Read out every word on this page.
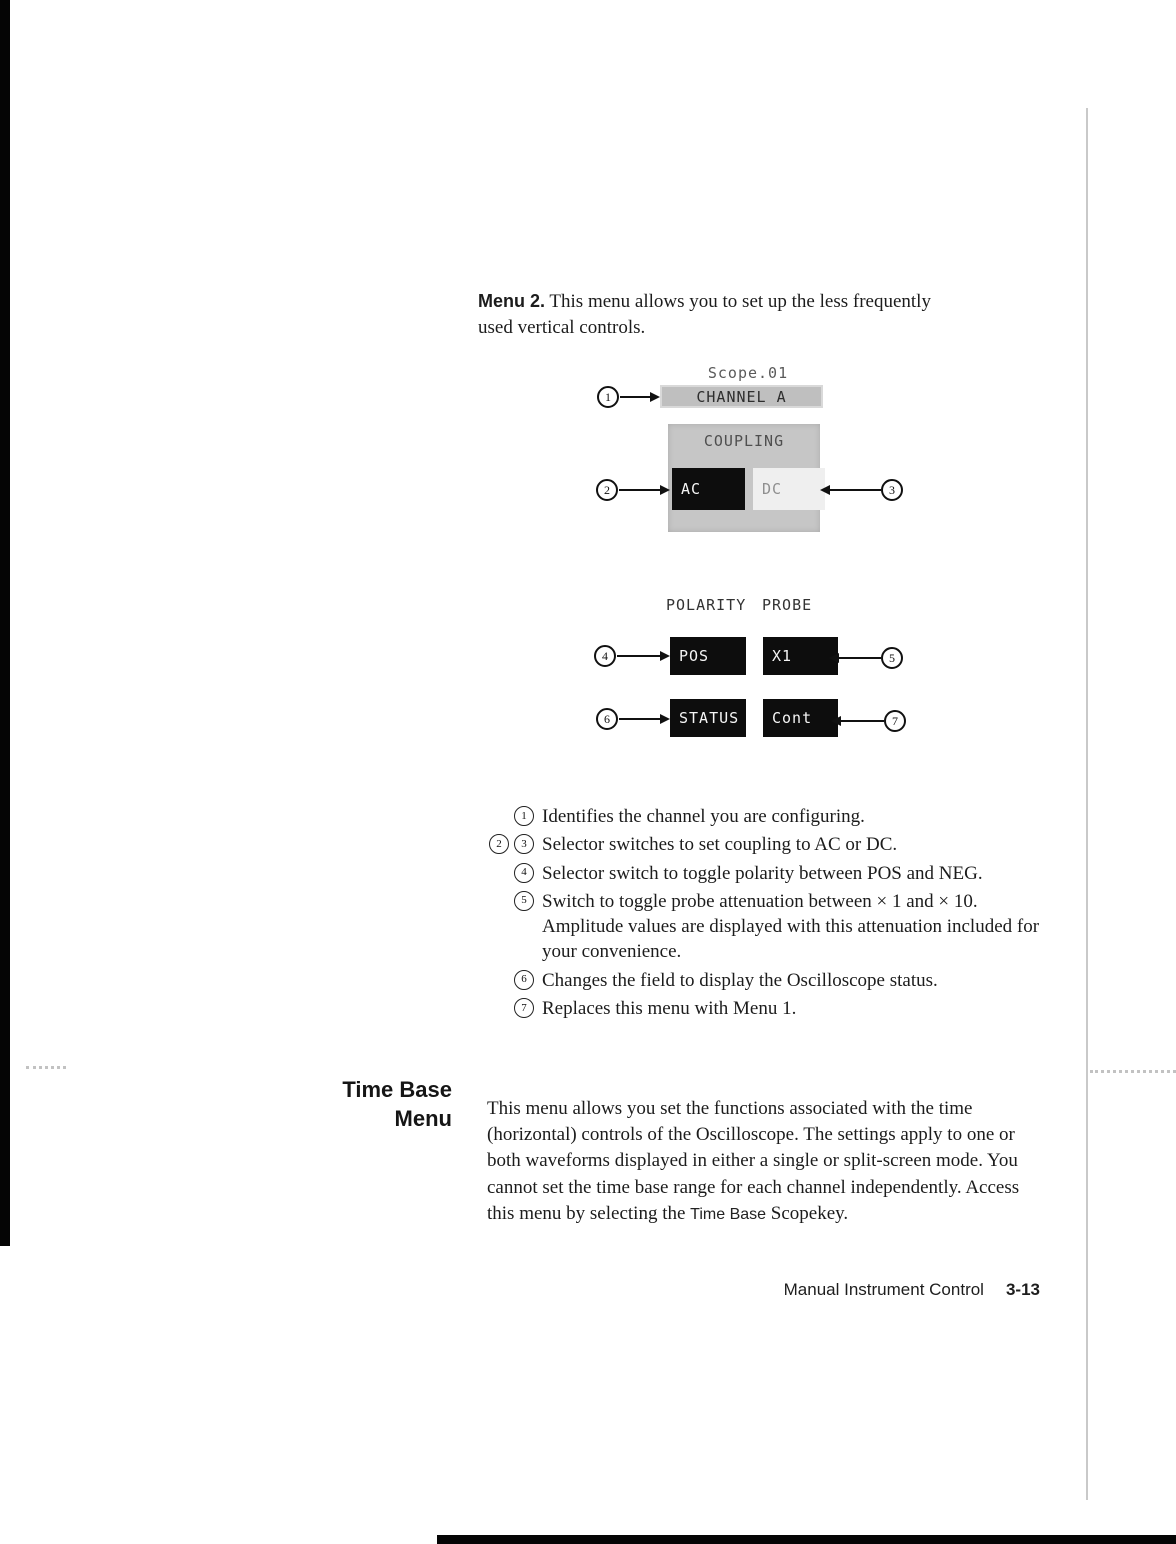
Menu 2. This menu allows you to set up the less frequently used vertical controls.

Scope.01
CHANNEL A
1
COUPLING
AC	DC
2	3
POLARITY PROBE
POS	X1
4	5
STATUS	Cont
6	7
1 Identifies the channel you are configuring.
2	3 Selector switches to set coupling to AC or DC.
4 Selector switch to toggle polarity between POS and NEG.
5 Switch to toggle probe attenuation between × 1 and × 10. Amplitude values are displayed with this attenuation included for your convenience.
6 Changes the field to display the Oscilloscope status.
7 Replaces this menu with Menu 1.
Time Base
Menu This menu allows you set the functions associated with the time (horizontal) controls of the Oscilloscope. The settings apply to one or both waveforms displayed in either a single or split-screen mode. You cannot set the time base range for each channel independently. Access this menu by selecting the Time Base Scopekey.

Manual Instrument Control 3-13
